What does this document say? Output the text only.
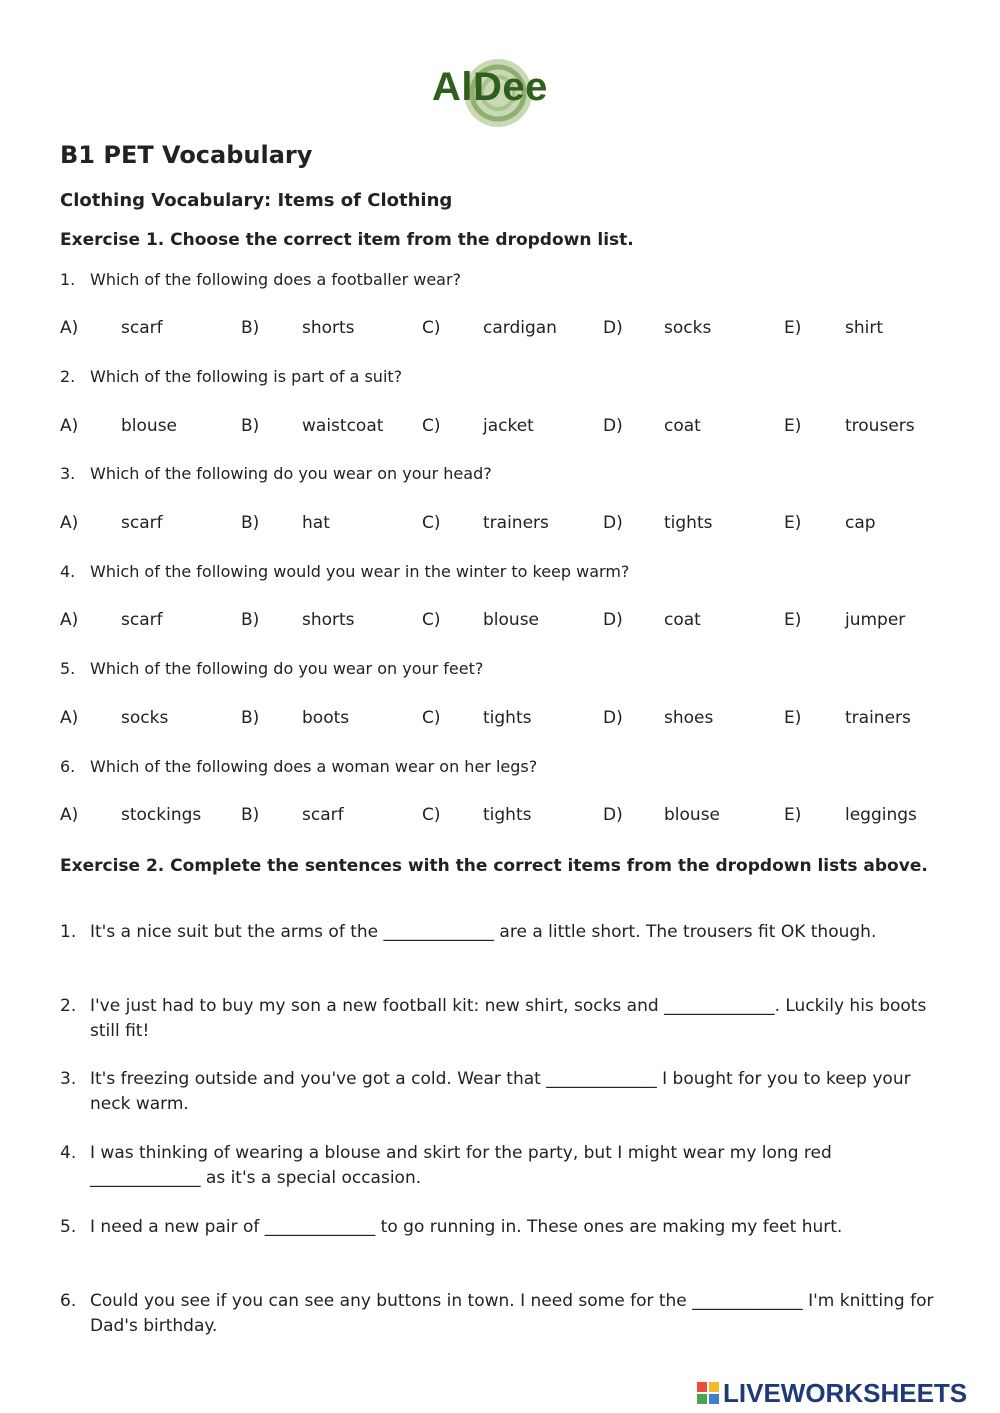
AlDee
B1 PET Vocabulary
Clothing Vocabulary: Items of Clothing
Exercise 1. Choose the correct item from the dropdown list.
1. Which of the following does a footballer wear?
A)	scarf	B)	shorts	C) cardigan	D) socks	E)	shirt
2. Which of the following is part of a suit?
A)	blouse	B)	waistcoat C) jacket	D) coat	E)	trousers
3. Which of the following do you wear on your head?
A)	scarf	B)	hat	C) trainers	D) tights	E)	cap
4. Which of the following would you wear in the winter to keep warm?
A)	scarf	B)	shorts	C) blouse	D) coat	E)	jumper
5. Which of the following do you wear on your feet?
A)	socks	B)	boots	C) tights	D) shoes	E)	trainers
6. Which of the following does a woman wear on her legs?
A)	stockings B)	scarf	C) tights	D) blouse	E)	leggings
Exercise 2. Complete the sentences with the correct items from the dropdown lists above.
1. It's a nice suit but the arms of the _____________ are a little short. The trousers fit OK though.
2. I've just had to buy my son a new football kit: new shirt, socks and _____________. Luckily his boots still fit!
3. It's freezing outside and you've got a cold. Wear that _____________ I bought for you to keep your neck warm.
4. I was thinking of wearing a blouse and skirt for the party, but I might wear my long red _____________ as it's a special occasion.
5. I need a new pair of _____________ to go running in. These ones are making my feet hurt.
6. Could you see if you can see any buttons in town. I need some for the _____________ I'm knitting for Dad's birthday.
LIVEWORKSHEETS
